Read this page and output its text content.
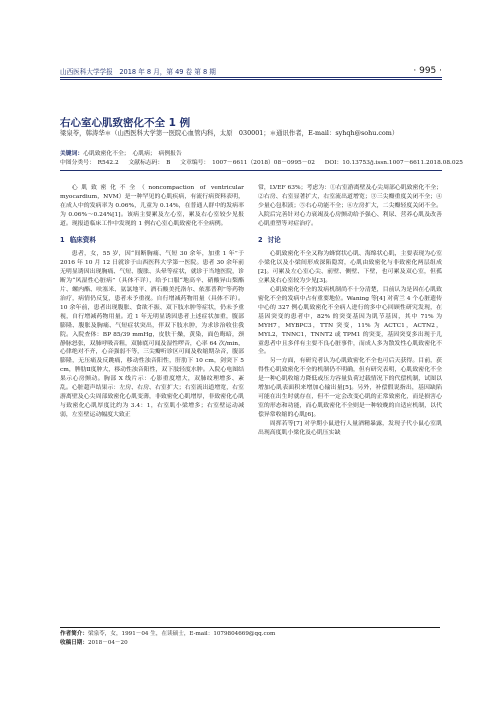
山西医科大学学报　2018 年 8 月，第 49 卷 第 8 期	· 995 ·
右心室心肌致密化不全 1 例
梁泉苓，韩涛华＊（山西医科大学第一医院心血管内科，太原　030001；＊通讯作者，E-mail：syhqh@sohu.com）
关键词：心肌致密化不全；　心肌病；　病例报告
中图分类号：　R542.2 文献标志码：　B 文章编号：　1007－6611（2018）08－0995－02 DOI：10.13753/j.issn.1007－6611.2018.08.025

心肌致密化不全（noncompaction of ventricular myocardium，NVM）是一种罕见的心肌疾病，有流行病资料表明，在成人中的发病率为 0.06%，儿童为 0.14%，在普通人群中的发病率为 0.06%～0.24%[1]。该病主要累及左心室，累及右心室较少见报道。现报道临床工作中发现的 1 例右心室心肌致密化不全病例。

1 临床资料

患者，女，55 岁，因“间断胸痛、气短 30 余年，加重 1 年”于 2016 年 10 月 12 日就诊于山西医科大学第一医院。患者 30 余年前无明显诱因出现胸痛、气短、腹胀、头晕等症状，就诊于当地医院，诊断为“风湿性心脏病”（具体不详），给予口服“地高辛、硝酸异山梨酯片、螺内酯、呋塞米、氨氯地平、酒石酸美托洛尔、依那普利”等药物治疗，病情仍反复，患者未予重视。自行增减药物用量（具体不详）。10 余年前，患者出现腹胀、食欲不振、双下肢水肿等症状，仍未予重视，自行增减药物用量。近 1 年无明显诱因患者上述症状加重，腹部膨隆、腹胀及胸痛、气短症状突出，伴双下肢水肿，为求诊治收住我院。入院查体：BP 85/39 mmHg，皮肤干燥，黄染，面色晦暗，颈静脉怒张，双肺呼吸音粗，双肺底可闻及湿性啰音，心率 64 次/min，心律绝对不齐，心音强弱不等，三尖瓣听诊区可闻及收缩期杂音，腹部膨隆，无压痛及反跳痛，移动性浊音阳性，肝肋下 10 cm，剑突下 5 cm，脾肋Ⅱ度肿大，移动性浊音阳性，双下肢轻度水肿。入院心电图结果示心房颤动。胸部 X 线片示：心影重度增大，双肺纹理增多、紊乱。心脏超声结果示：左房、右房、右室扩大；右室流出道增宽，右室游离壁及心尖周部致密化心肌变薄，非致密化心肌增厚，非致密化心肌与致密化心肌厚度比约为 3.4：1，右室肌小梁增多；右室壁运动减弱，左室壁运动幅度大致正

常，LVEF 63%；考虑为：①右室游离壁及心尖周部心肌致密化不全；②右房、右室显著扩大，右室流出道增宽；③三尖瓣重度关闭不全；④少量心包积液；⑤右心功能不全；⑥左房扩大，二尖瓣轻度关闭不全。入院后完善针对心力衰竭及心房颤动给予强心、利尿、营养心肌及改善心肌重塑等对症治疗。

2 讨论

心肌致密化不全又称为蜂窝状心肌、海绵状心肌，主要表现为心室小梁化以及小梁间形成深陷隐窝，心肌由致密化与非致密化两层组成[2]。可累及左心室心尖、前壁、侧壁、下壁，也可累及双心室，但孤立累及右心室较为少见[3]。

心肌致密化不全的发病机制尚不十分清楚，目前认为是因在心肌致密化不全的发病中占有重要地位。Waning 等[4] 对荷兰 4 个心脏遗传中心的 327 例心肌致密化不全病人进行的多中心回顾性研究发现，在基因突变的患者中，82% 的突变基因为肌节基因，其中 71% 为 MYH7，MYBPC3，TTN 突变，11% 为 ACTC1，ACTN2，MYL2，TNNC1，TNNT2 或 TPM1 的突变，基因突变多出现于儿童患者中且多伴有主要不良心脏事件，而成人多为散发性心肌致密化不全。

另一方面，有研究者认为心肌致密化不全也可后天获得。目前，获得性心肌致密化不全的机制仍不明确，但有研究表明，心肌致密化不全是一种心肌收缩力降低或压力容量负荷过载情况下的代偿机制，试图以增加心肌表面积来增加心输出量[5]。另外，补偿假说指出，基因缺陷可能在出生时就存在，但不一定会改变心肌的正常致密化，而是损害心室的形态和功能，而心肌致密化不全则是一种较晚的自适应机制，以代偿异常收缩的心肌[6]。

周挥若等[7] 对孕期小鼠进行人量酒精暴露，发现子代小鼠心室肌出现高度肌小梁化及心肌压实缺

作者简介：梁泉苓，女，1991－04 生，在读硕士，E-mail：1079804669@qq.com
收稿日期：2018－04－20
